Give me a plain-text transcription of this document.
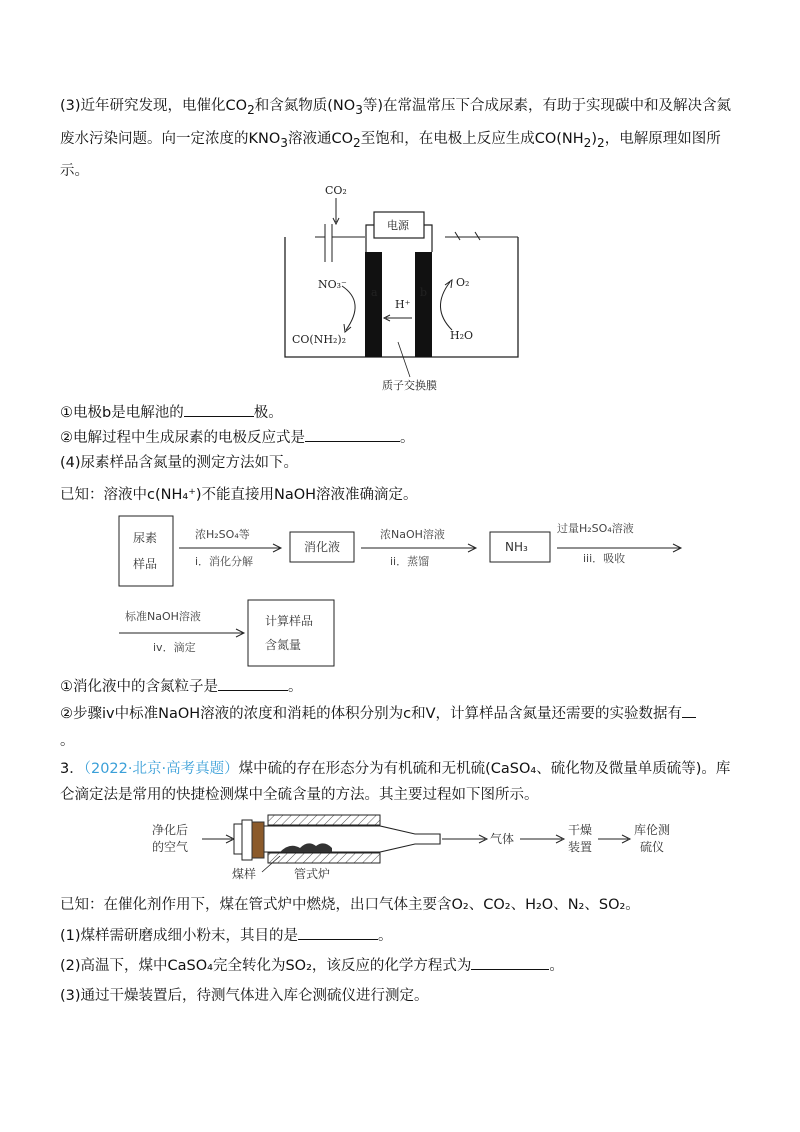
(3)近年研究发现，电催化$CO_2$和含氮物质($NO_3$等)在常温常压下合成尿素，有助于实现碳中和及解决含氮
废水污染问题。向一定浓度的$KNO_3$溶液通$CO_2$至饱和，在电极上反应生成$CO(NH_2)_2$，电解原理如图所
示。
CO₂
电源
a	b
H⁺
质子交换膜
NO₃⁻
CO(NH₂)₂
O₂
H₂O
①电极b是电解池的	极。
②电解过程中生成尿素的电极反应式是	。
(4)尿素样品含氮量的测定方法如下。
已知：溶液中c(NH₄⁺)不能直接用NaOH溶液准确滴定。
尿素
样品
浓H₂SO₄等
i．消化分解
消化液
浓NaOH溶液
ii．蒸馏
NH₃
过量H₂SO₄溶液
iii．吸收
标准NaOH溶液
iv．滴定
计算样品
含氮量
①消化液中的含氮粒子是	。
②步骤iv中标准NaOH溶液的浓度和消耗的体积分别为c和V，计算样品含氮量还需要的实验数据有
。
3．（2022·北京·高考真题）煤中硫的存在形态分为有机硫和无机硫(CaSO₄、硫化物及微量单质硫等)。库
仑滴定法是常用的快捷检测煤中全硫含量的方法。其主要过程如下图所示。
净化后
的空气
煤样	管式炉
气体
干燥
装置
库伦测
硫仪
已知：在催化剂作用下，煤在管式炉中燃烧，出口气体主要含O₂、CO₂、H₂O、N₂、SO₂。
(1)煤样需研磨成细小粉末，其目的是	。
(2)高温下，煤中CaSO₄完全转化为SO₂，该反应的化学方程式为	。
(3)通过干燥装置后，待测气体进入库仑测硫仪进行测定。
